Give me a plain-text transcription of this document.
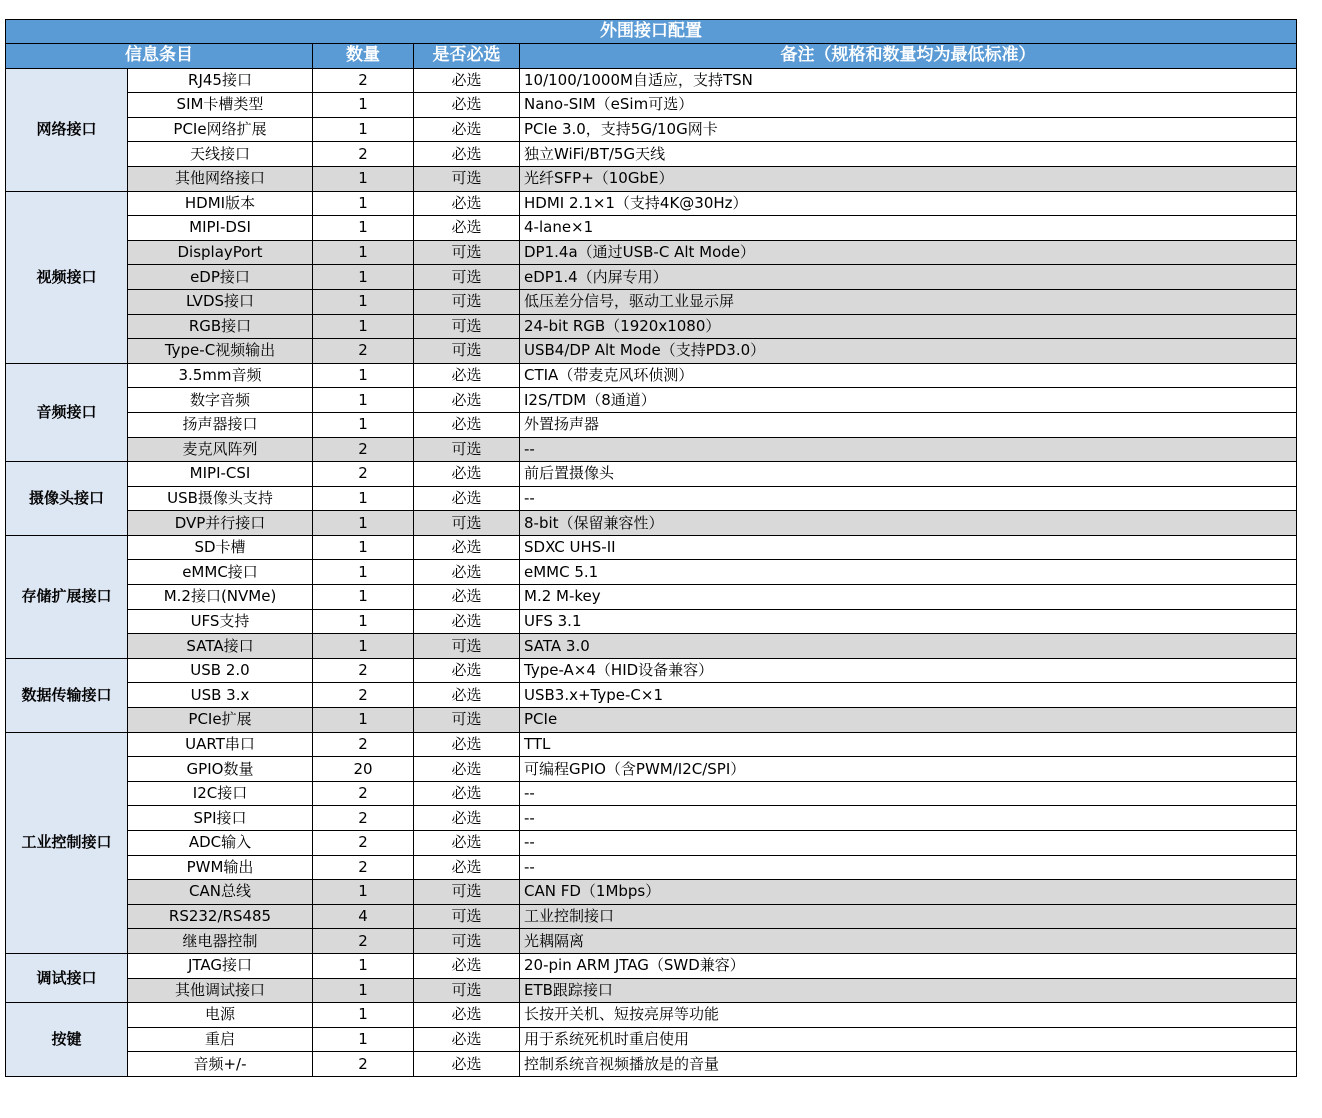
外围接口配置				
信息条目		数量	是否必选	备注（规格和数量均为最低标准）
网络接口	RJ45接口	2	必选	10/100/1000M自适应，支持TSN
	SIM卡槽类型	1	必选	Nano-SIM（eSim可选）
	PCIe网络扩展	1	必选	PCIe 3.0，支持5G/10G网卡
	天线接口	2	必选	独立WiFi/BT/5G天线
	其他网络接口	1	可选	光纤SFP+（10GbE）
视频接口	HDMI版本	1	必选	HDMI 2.1×1（支持4K@30Hz）
	MIPI-DSI	1	必选	4-lane×1
	DisplayPort	1	可选	DP1.4a（通过USB-C Alt Mode）
	eDP接口	1	可选	eDP1.4（内屏专用）
	LVDS接口	1	可选	低压差分信号，驱动工业显示屏
	RGB接口	1	可选	24-bit RGB（1920x1080）
	Type-C视频输出	2	可选	USB4/DP Alt Mode（支持PD3.0）
音频接口	3.5mm音频	1	必选	CTIA（带麦克风环侦测）
	数字音频	1	必选	I2S/TDM（8通道）
	扬声器接口	1	必选	外置扬声器
	麦克风阵列	2	可选	--
摄像头接口	MIPI-CSI	2	必选	前后置摄像头
	USB摄像头支持	1	必选	--
	DVP并行接口	1	可选	8-bit（保留兼容性）
存储扩展接口	SD卡槽	1	必选	SDXC UHS-II
	eMMC接口	1	必选	eMMC 5.1
	M.2接口(NVMe)	1	必选	M.2 M-key
	UFS支持	1	必选	UFS 3.1
	SATA接口	1	可选	SATA 3.0
数据传输接口	USB 2.0	2	必选	Type-A×4（HID设备兼容）
	USB 3.x	2	必选	USB3.x+Type-C×1
	PCIe扩展	1	可选	PCIe
工业控制接口	UART串口	2	必选	TTL
	GPIO数量	20	必选	可编程GPIO（含PWM/I2C/SPI）
	I2C接口	2	必选	--
	SPI接口	2	必选	--
	ADC输入	2	必选	--
	PWM输出	2	必选	--
	CAN总线	1	可选	CAN FD（1Mbps）
	RS232/RS485	4	可选	工业控制接口
	继电器控制	2	可选	光耦隔离
调试接口	JTAG接口	1	必选	20-pin ARM JTAG（SWD兼容）
	其他调试接口	1	可选	ETB跟踪接口
按键	电源	1	必选	长按开关机、短按亮屏等功能
	重启	1	必选	用于系统死机时重启使用
	音频+/-	2	必选	控制系统音视频播放是的音量
